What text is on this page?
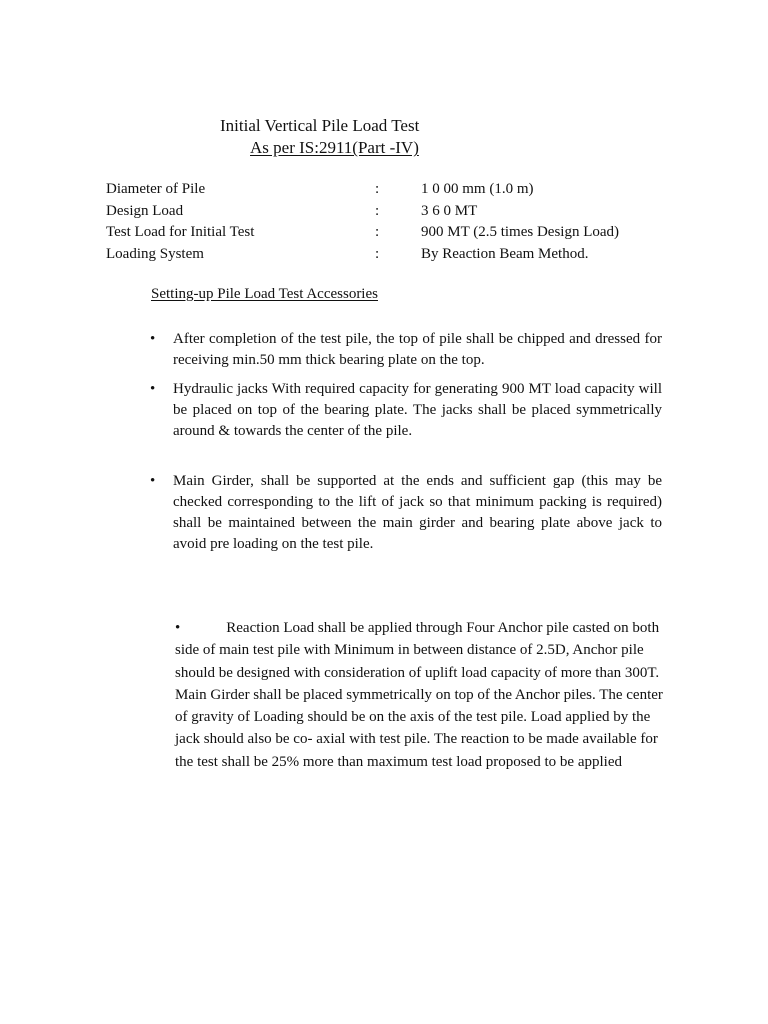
Initial Vertical Pile Load Test
As per IS:2911(Part -IV)
Diameter of Pile	:	1 0 00 mm (1.0 m)
Design Load	:	3 6 0 MT
Test Load for Initial Test	:	900 MT (2.5 times Design Load)
Loading System	:	By Reaction Beam Method.
Setting-up Pile Load Test Accessories
• After completion of the test pile, the top of pile shall be chipped and dressed for receiving min.50 mm thick bearing plate on the top.
• Hydraulic jacks With required capacity for generating 900 MT load capacity will be placed on top of the bearing plate. The jacks shall be placed symmetrically around & towards the center of the pile.
• Main Girder, shall be supported at the ends and sufficient gap (this may be checked corresponding to the lift of jack so that minimum packing is required) shall be maintained between the main girder and bearing plate above jack to avoid pre loading on the test pile.
•	Reaction Load shall be applied through Four Anchor pile casted on both side of main test pile with Minimum in between distance of 2.5D, Anchor pile should be designed with consideration of uplift load capacity of more than 300T. Main Girder shall be placed symmetrically on top of the Anchor piles. The center of gravity of Loading should be on the axis of the test pile. Load applied by the jack should also be co- axial with test pile. The reaction to be made available for the test shall be 25% more than maximum test load proposed to be applied
